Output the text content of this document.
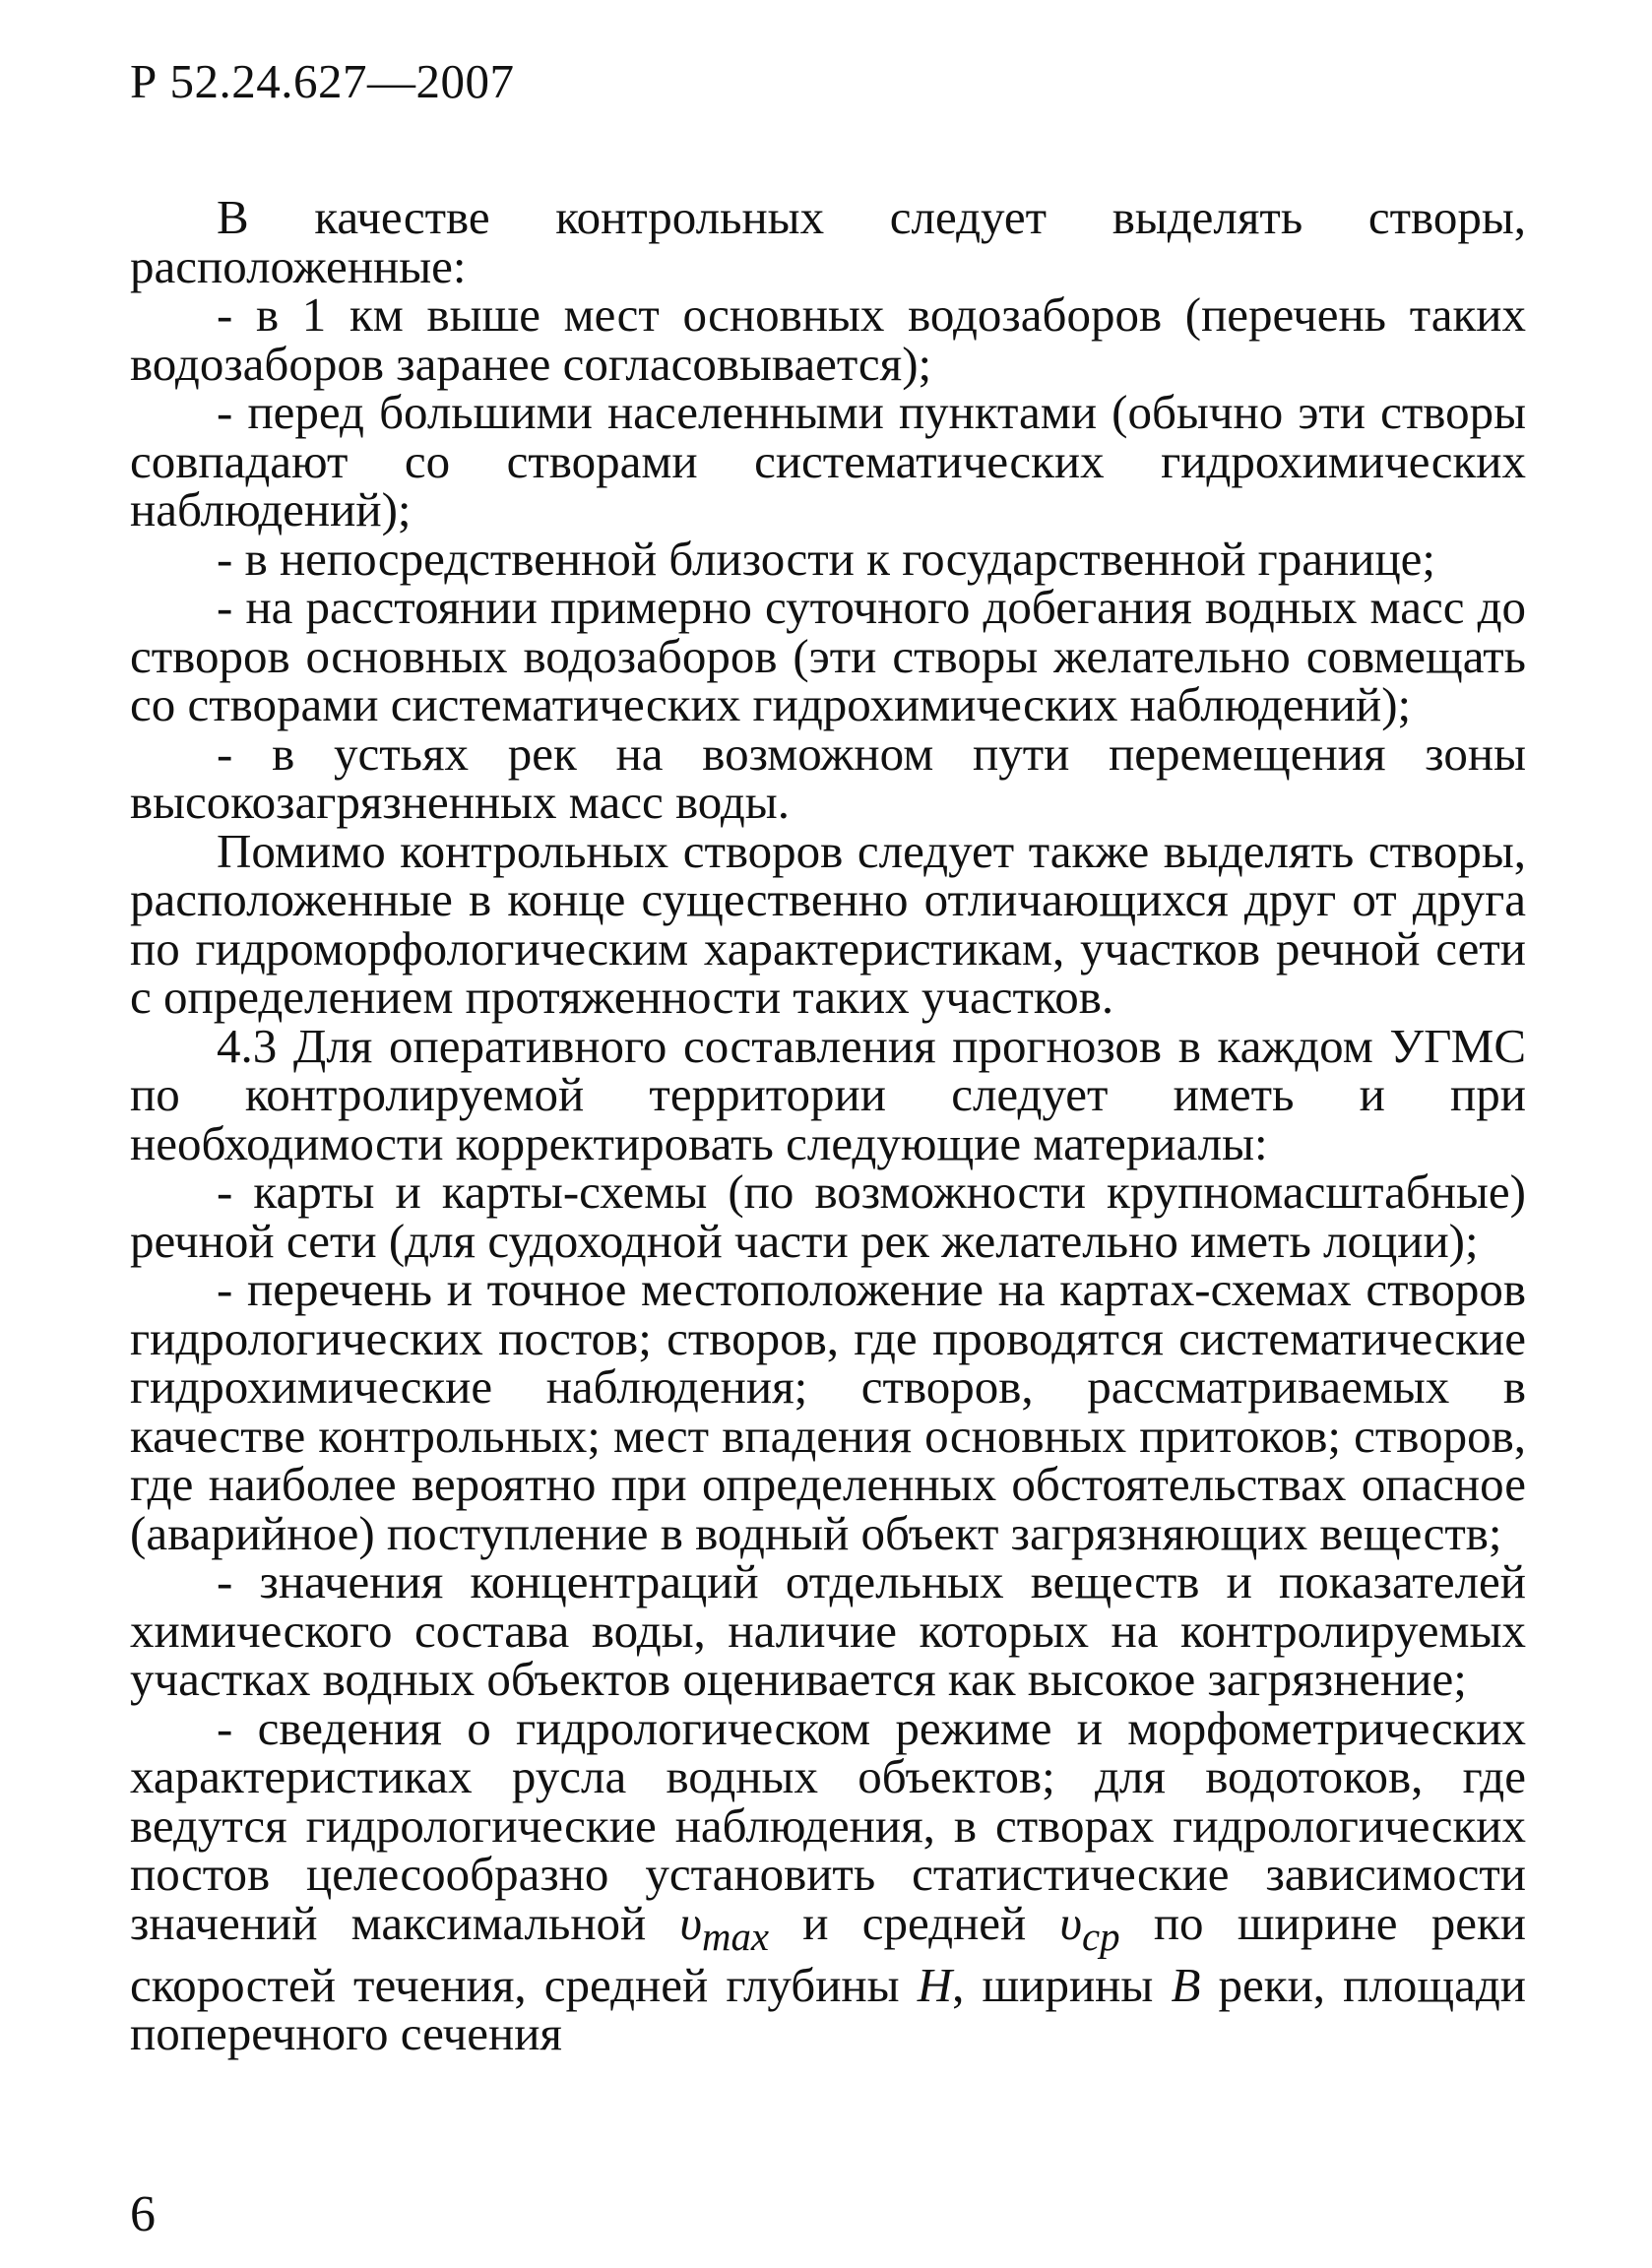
Р 52.24.627—2007

В качестве контрольных следует выделять створы, расположенные:

- в 1 км выше мест основных водозаборов (перечень таких водозаборов заранее согласовывается);

- перед большими населенными пунктами (обычно эти створы совпадают со створами систематических гидрохимических наблюдений);

- в непосредственной близости к государственной границе;

- на расстоянии примерно суточного добегания водных масс до створов основных водозаборов (эти створы желательно совмещать со створами систематических гидрохимических наблюдений);

- в устьях рек на возможном пути перемещения зоны высокозагрязненных масс воды.

Помимо контрольных створов следует также выделять створы, расположенные в конце существенно отличающихся друг от друга по гидроморфологическим характеристикам, участков речной сети с определением протяженности таких участков.

4.3 Для оперативного составления прогнозов в каждом УГМС по контролируемой территории следует иметь и при необходимости корректировать следующие материалы:

- карты и карты-схемы (по возможности крупномасштабные) речной сети (для судоходной части рек желательно иметь лоции);

- перечень и точное местоположение на картах-схемах створов гидрологических постов; створов, где проводятся систематические гидрохимические наблюдения; створов, рассматриваемых в качестве контрольных; мест впадения основных притоков; створов, где наиболее вероятно при определенных обстоятельствах опасное (аварийное) поступление в водный объект загрязняющих веществ;

- значения концентраций отдельных веществ и показателей химического состава воды, наличие которых на контролируемых участках водных объектов оценивается как высокое загрязнение;

- сведения о гидрологическом режиме и морфометрических характеристиках русла водных объектов; для водотоков, где ведутся гидрологические наблюдения, в створах гидрологических постов целесообразно установить статистические зависимости значений максимальной $\upsilon_{max}$ и средней $\upsilon_{ср}$ по ширине реки скоростей течения, средней глубины H, ширины B реки, площади поперечного сечения

6
